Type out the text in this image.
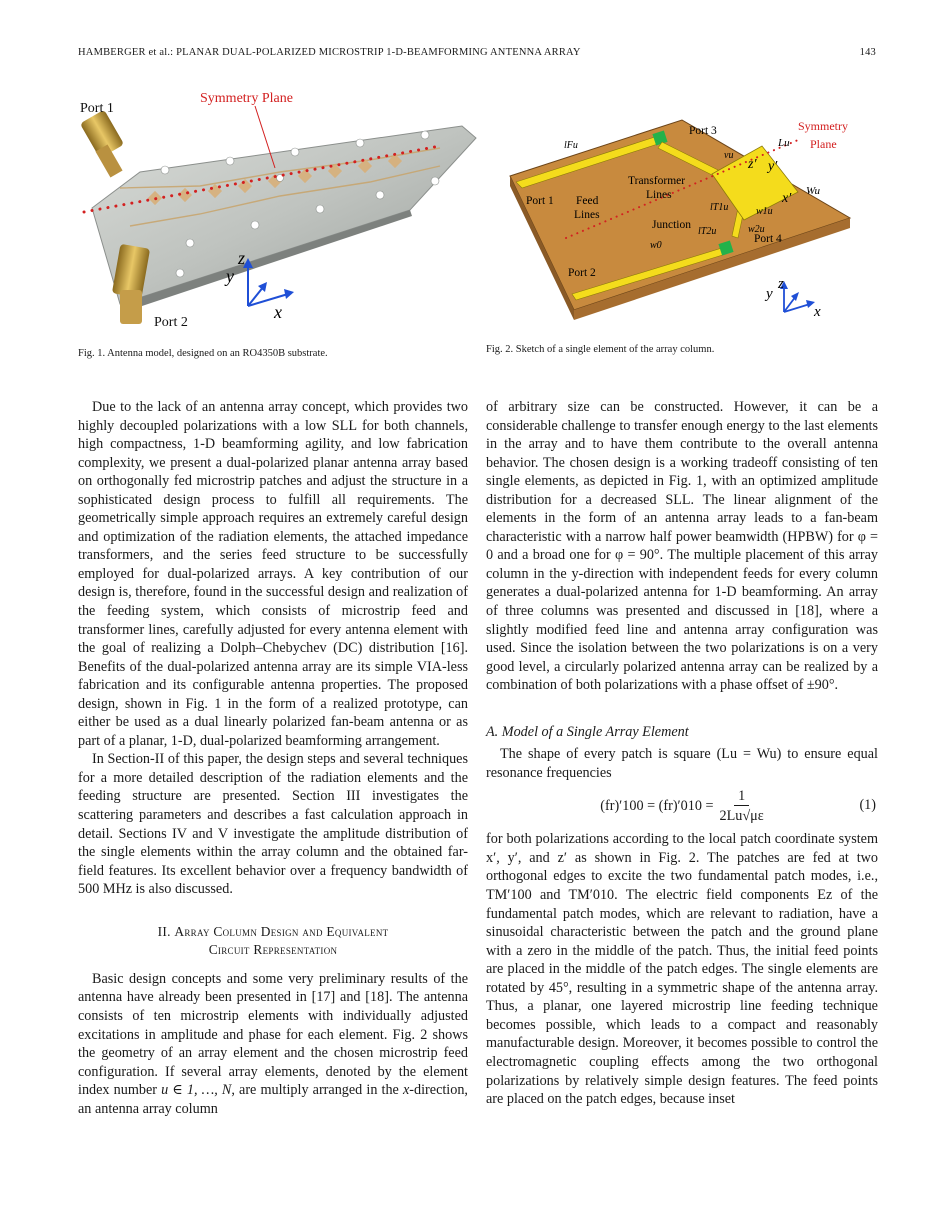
HAMBERGER et al.: PLANAR DUAL-POLARIZED MICROSTRIP 1-D-BEAMFORMING ANTENNA ARRAY	143
Symmetry Plane
Port 1
Port 2
x
y
z
Fig. 1. Antenna model, designed on an RO4350B substrate.
Symmetry
Plane
Port 3
Port 1
Port 2
Port 4
Feed
Lines
Transformer
Lines
Junction
lFu	Lu
Wu
w0
w1u
w2u
lT1u
lT2u
vu
x′
y′
z′
x
y
z
Fig. 2. Sketch of a single element of the array column.

Due to the lack of an antenna array concept, which provides two highly decoupled polarizations with a low SLL for both channels, high compactness, 1-D beamforming agility, and low fabrication complexity, we present a dual-polarized planar antenna array based on orthogonally fed microstrip patches and adjust the structure in a sophisticated design process to fulfill all requirements. The geometrically simple approach requires an extremely careful design and optimization of the radiation elements, the attached impedance transformers, and the series feed structure to be successfully employed for dual-polarized arrays. A key contribution of our design is, therefore, found in the successful design and realization of the feeding system, which consists of microstrip feed and transformer lines, carefully adjusted for every antenna element with the goal of realizing a Dolph–Chebychev (DC) distribution [16]. Benefits of the dual-polarized antenna array are its simple VIA-less fabrication and its configurable antenna properties. The proposed design, shown in Fig. 1 in the form of a realized prototype, can either be used as a dual linearly polarized fan-beam antenna or as part of a planar, 1-D, dual-polarized beamforming arrangement.

In Section-II of this paper, the design steps and several techniques for a more detailed description of the radiation elements and the feeding structure are presented. Section III investigates the scattering parameters and describes a fast calculation approach in detail. Sections IV and V investigate the amplitude distribution of the single elements within the array column and the obtained far-field features. Its excellent behavior over a frequency bandwidth of 500 MHz is also discussed.

II. Array Column Design and Equivalent
Circuit Representation

Basic design concepts and some very preliminary results of the antenna have already been presented in [17] and [18]. The antenna consists of ten microstrip elements with individually adjusted excitations in amplitude and phase for each element. Fig. 2 shows the geometry of an array element and the chosen microstrip feed configuration. If several array elements, denoted by the element index number u ∈ 1, …, N, are multiply arranged in the x-direction, an antenna array column

of arbitrary size can be constructed. However, it can be a considerable challenge to transfer enough energy to the last elements in the array and to have them contribute to the overall antenna behavior. The chosen design is a working tradeoff consisting of ten single elements, as depicted in Fig. 1, with an optimized amplitude distribution for a decreased SLL. The linear alignment of the elements in the form of an antenna array leads to a fan-beam characteristic with a narrow half power beamwidth (HPBW) for φ = 0 and a broad one for φ = 90°. The multiple placement of this array column in the y-direction with independent feeds for every column generates a dual-polarized antenna for 1-D beamforming. An array of three columns was presented and discussed in [18], where a slightly modified feed line and antenna array configuration was used. Since the isolation between the two polarizations is on a very good level, a circularly polarized antenna array can be realized by a combination of both polarizations with a phase offset of ±90°.

A. Model of a Single Array Element

The shape of every patch is square (Lu = Wu) to ensure equal resonance frequencies

$(fr)'100 = (fr)'010 = \frac{1}{2Lu√\mu\varepsilon}$	(1)

for both polarizations according to the local patch coordinate system x′, y′, and z′ as shown in Fig. 2. The patches are fed at two orthogonal edges to excite the two fundamental patch modes, i.e., TM′100 and TM′010. The electric field components Ez of the fundamental patch modes, which are relevant to radiation, have a sinusoidal characteristic between the patch and the ground plane with a zero in the middle of the patch. Thus, the initial feed points are placed in the middle of the patch edges. The single elements are rotated by 45°, resulting in a symmetric shape of the antenna array. Thus, a planar, one layered microstrip line feeding technique becomes possible, which leads to a compact and reasonably manufacturable design. Moreover, it becomes possible to control the electromagnetic coupling effects among the two orthogonal polarizations by relatively simple design features. The feed points are placed on the patch edges, because inset
